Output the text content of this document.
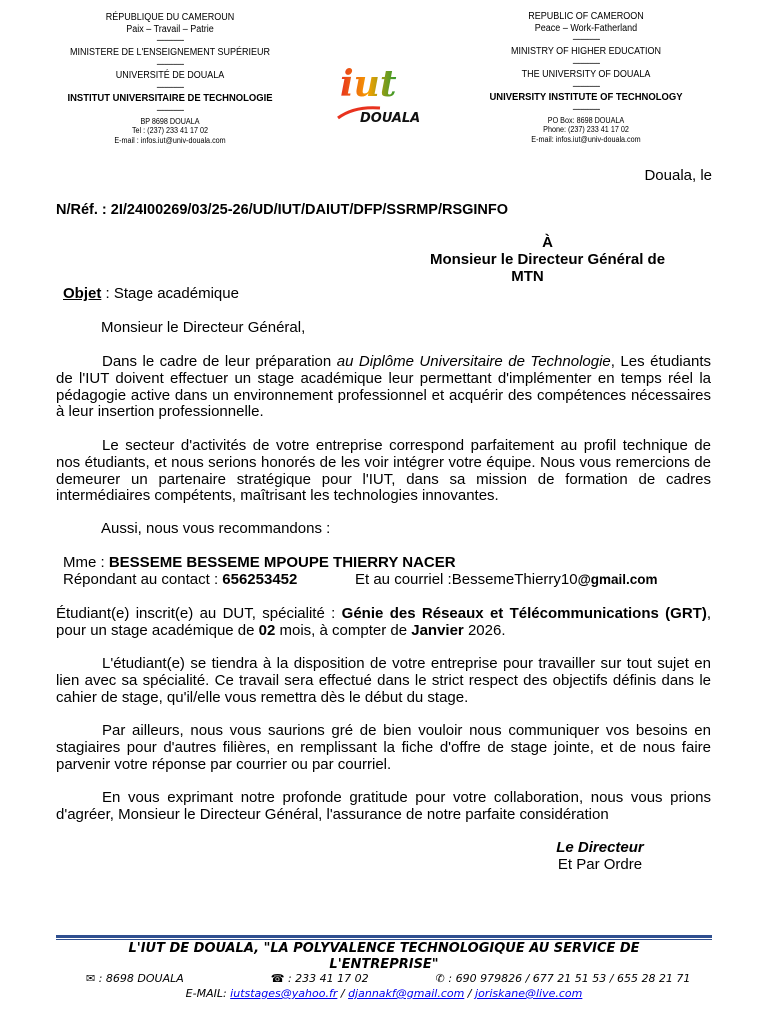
RÉPUBLIQUE DU CAMEROUN
Paix – Travail – Patrie
---------------
MINISTERE DE L'ENSEIGNEMENT SUPÉRIEUR
---------------
UNIVERSITÉ DE DOUALA
---------------
INSTITUT UNIVERSITAIRE DE TECHNOLOGIE
---------------
BP 8698 DOUALA
Tel : (237) 233 41 17 02
E-mail : infos.iut@univ-douala.com
REPUBLIC OF CAMEROON
Peace – Work-Fatherland
---------------
MINISTRY OF HIGHER EDUCATION
---------------
THE UNIVERSITY OF DOUALA
---------------
UNIVERSITY INSTITUTE OF TECHNOLOGY
---------------
PO Box: 8698 DOUALA
Phone: (237) 233 41 17 02
E-mail: infos.iut@univ-douala.com
iut
DOUALA
Douala, le
N/Réf. : 2I/24I00269/03/25-26/UD/IUT/DAIUT/DFP/SSRMP/RSGINFO
À
Monsieur le Directeur Général de
MTN
Objet : Stage académique
Monsieur le Directeur Général,
Dans le cadre de leur préparation au Diplôme Universitaire de Technologie, Les étudiants de l'IUT doivent effectuer un stage académique leur permettant d'implémenter en temps réel la pédagogie active dans un environnement professionnel et acquérir des compétences nécessaires à leur insertion professionnelle.
Le secteur d'activités de votre entreprise correspond parfaitement au profil technique de nos étudiants, et nous serions honorés de les voir intégrer votre équipe. Nous vous remercions de demeurer un partenaire stratégique pour l'IUT, dans sa mission de formation de cadres intermédiaires compétents, maîtrisant les technologies innovantes.
Aussi, nous vous recommandons :
Mme : BESSEME BESSEME MPOUPE THIERRY NACER
Répondant au contact : 656253452	Et au courriel :BessemeThierry10@gmail.com
Étudiant(e) inscrit(e) au DUT, spécialité : Génie des Réseaux et Télécommunications (GRT), pour un stage académique de 02 mois, à compter de Janvier 2026.
L'étudiant(e) se tiendra à la disposition de votre entreprise pour travailler sur tout sujet en lien avec sa spécialité. Ce travail sera effectué dans le strict respect des objectifs définis dans le cahier de stage, qu'il/elle vous remettra dès le début du stage.
Par ailleurs, nous vous saurions gré de bien vouloir nous communiquer vos besoins en stagiaires pour d'autres filières, en remplissant la fiche d'offre de stage jointe, et de nous faire parvenir votre réponse par courrier ou par courriel.
En vous exprimant notre profonde gratitude pour votre collaboration, nous vous prions d'agréer, Monsieur le Directeur Général, l'assurance de notre parfaite considération
Le Directeur
Et Par Ordre
L'IUT DE DOUALA, "LA POLYVALENCE TECHNOLOGIQUE AU SERVICE DE
L'ENTREPRISE"
✉ : 8698 DOUALA	☎ : 233 41 17 02	✆ : 690 979826 / 677 21 51 53 / 655 28 21 71
E-MAIL: iutstages@yahoo.fr / djannakf@gmail.com / joriskane@live.com
